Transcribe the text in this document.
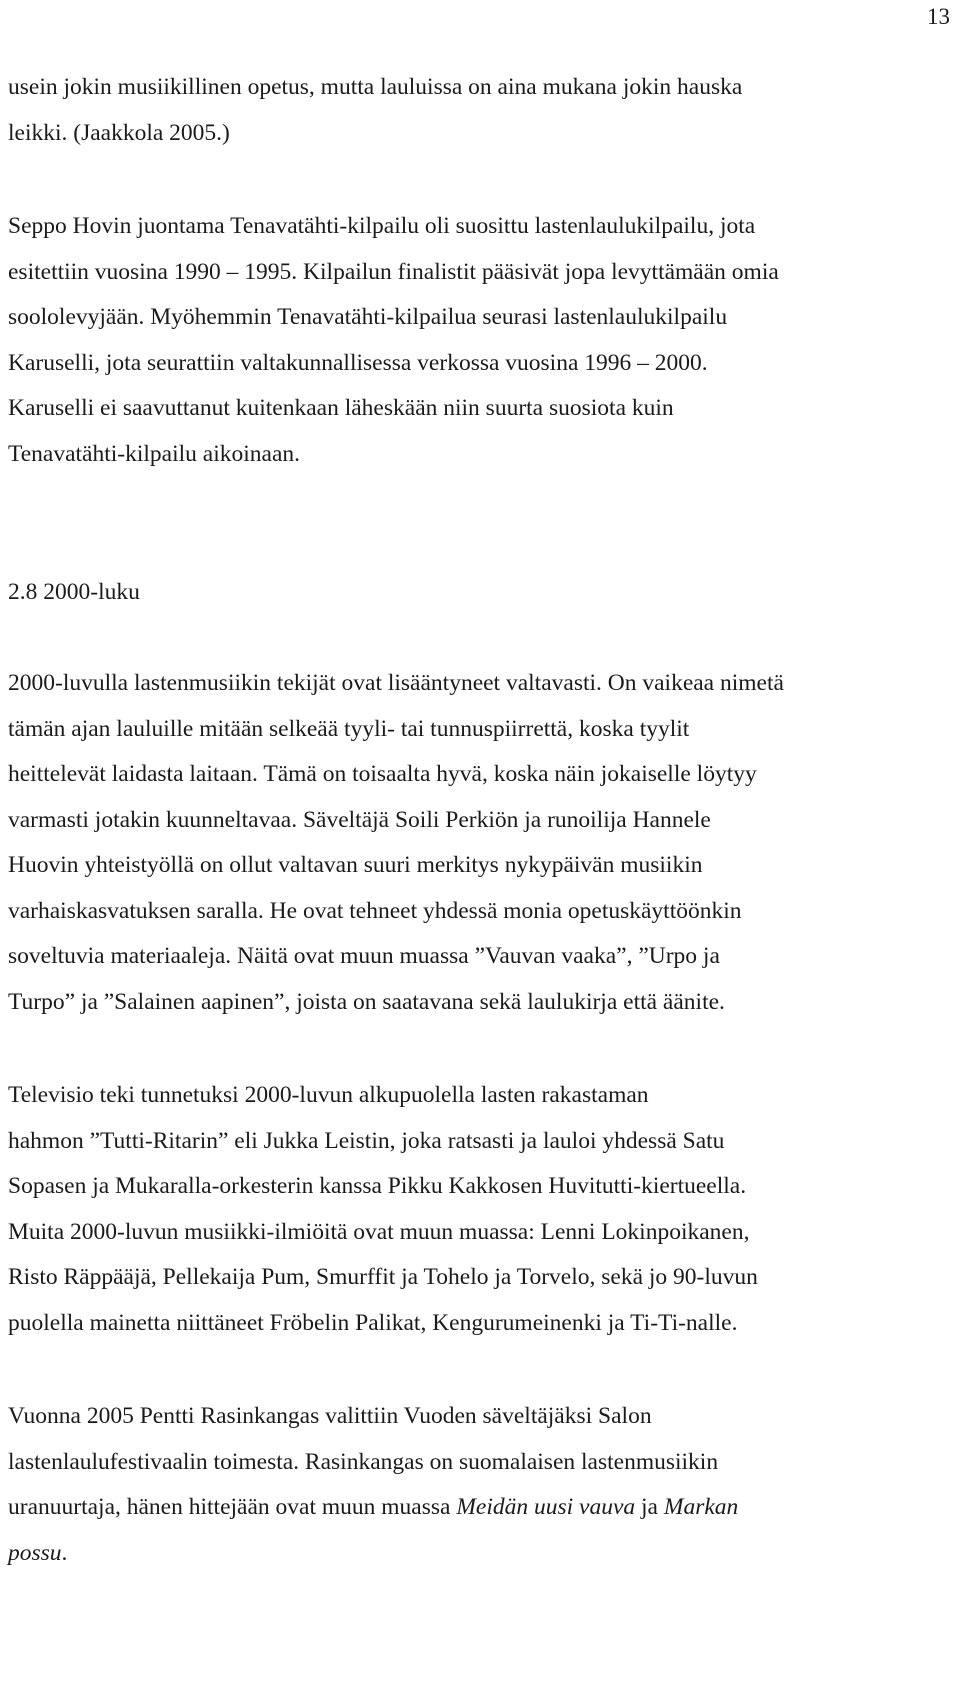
13
usein jokin musiikillinen opetus, mutta lauluissa on aina mukana jokin hauska
leikki. (Jaakkola 2005.)
Seppo Hovin juontama Tenavatähti-kilpailu oli suosittu lastenlaulukilpailu, jota
esitettiin vuosina 1990 – 1995. Kilpailun finalistit pääsivät jopa levyttämään omia
soololevyjään. Myöhemmin Tenavatähti-kilpailua seurasi lastenlaulukilpailu
Karuselli, jota seurattiin valtakunnallisessa verkossa vuosina 1996 – 2000.
Karuselli ei saavuttanut kuitenkaan läheskään niin suurta suosiota kuin
Tenavatähti-kilpailu aikoinaan.
2.8 2000-luku
2000-luvulla lastenmusiikin tekijät ovat lisääntyneet valtavasti. On vaikeaa nimetä
tämän ajan lauluille mitään selkeää tyyli- tai tunnuspiirrettä, koska tyylit
heittelevät laidasta laitaan. Tämä on toisaalta hyvä, koska näin jokaiselle löytyy
varmasti jotakin kuunneltavaa. Säveltäjä Soili Perkiön ja runoilija Hannele
Huovin yhteistyöllä on ollut valtavan suuri merkitys nykypäivän musiikin
varhaiskasvatuksen saralla. He ovat tehneet yhdessä monia opetuskäyttöönkin
soveltuvia materiaaleja. Näitä ovat muun muassa ”Vauvan vaaka”, ”Urpo ja
Turpo” ja ”Salainen aapinen”, joista on saatavana sekä laulukirja että äänite.
Televisio teki tunnetuksi 2000-luvun alkupuolella lasten rakastaman
hahmon ”Tutti-Ritarin” eli Jukka Leistin, joka ratsasti ja lauloi yhdessä Satu
Sopasen ja Mukaralla-orkesterin kanssa Pikku Kakkosen Huvitutti-kiertueella.
Muita 2000-luvun musiikki-ilmiöitä ovat muun muassa: Lenni Lokinpoikanen,
Risto Räppääjä, Pellekaija Pum, Smurffit ja Tohelo ja Torvelo, sekä jo 90-luvun
puolella mainetta niittäneet Fröbelin Palikat, Kengurumeinenki ja Ti-Ti-nalle.
Vuonna 2005 Pentti Rasinkangas valittiin Vuoden säveltäjäksi Salon
lastenlaulufestivaalin toimesta. Rasinkangas on suomalaisen lastenmusiikin
uranuurtaja, hänen hittejään ovat muun muassa Meidän uusi vauva ja Markan
possu.
